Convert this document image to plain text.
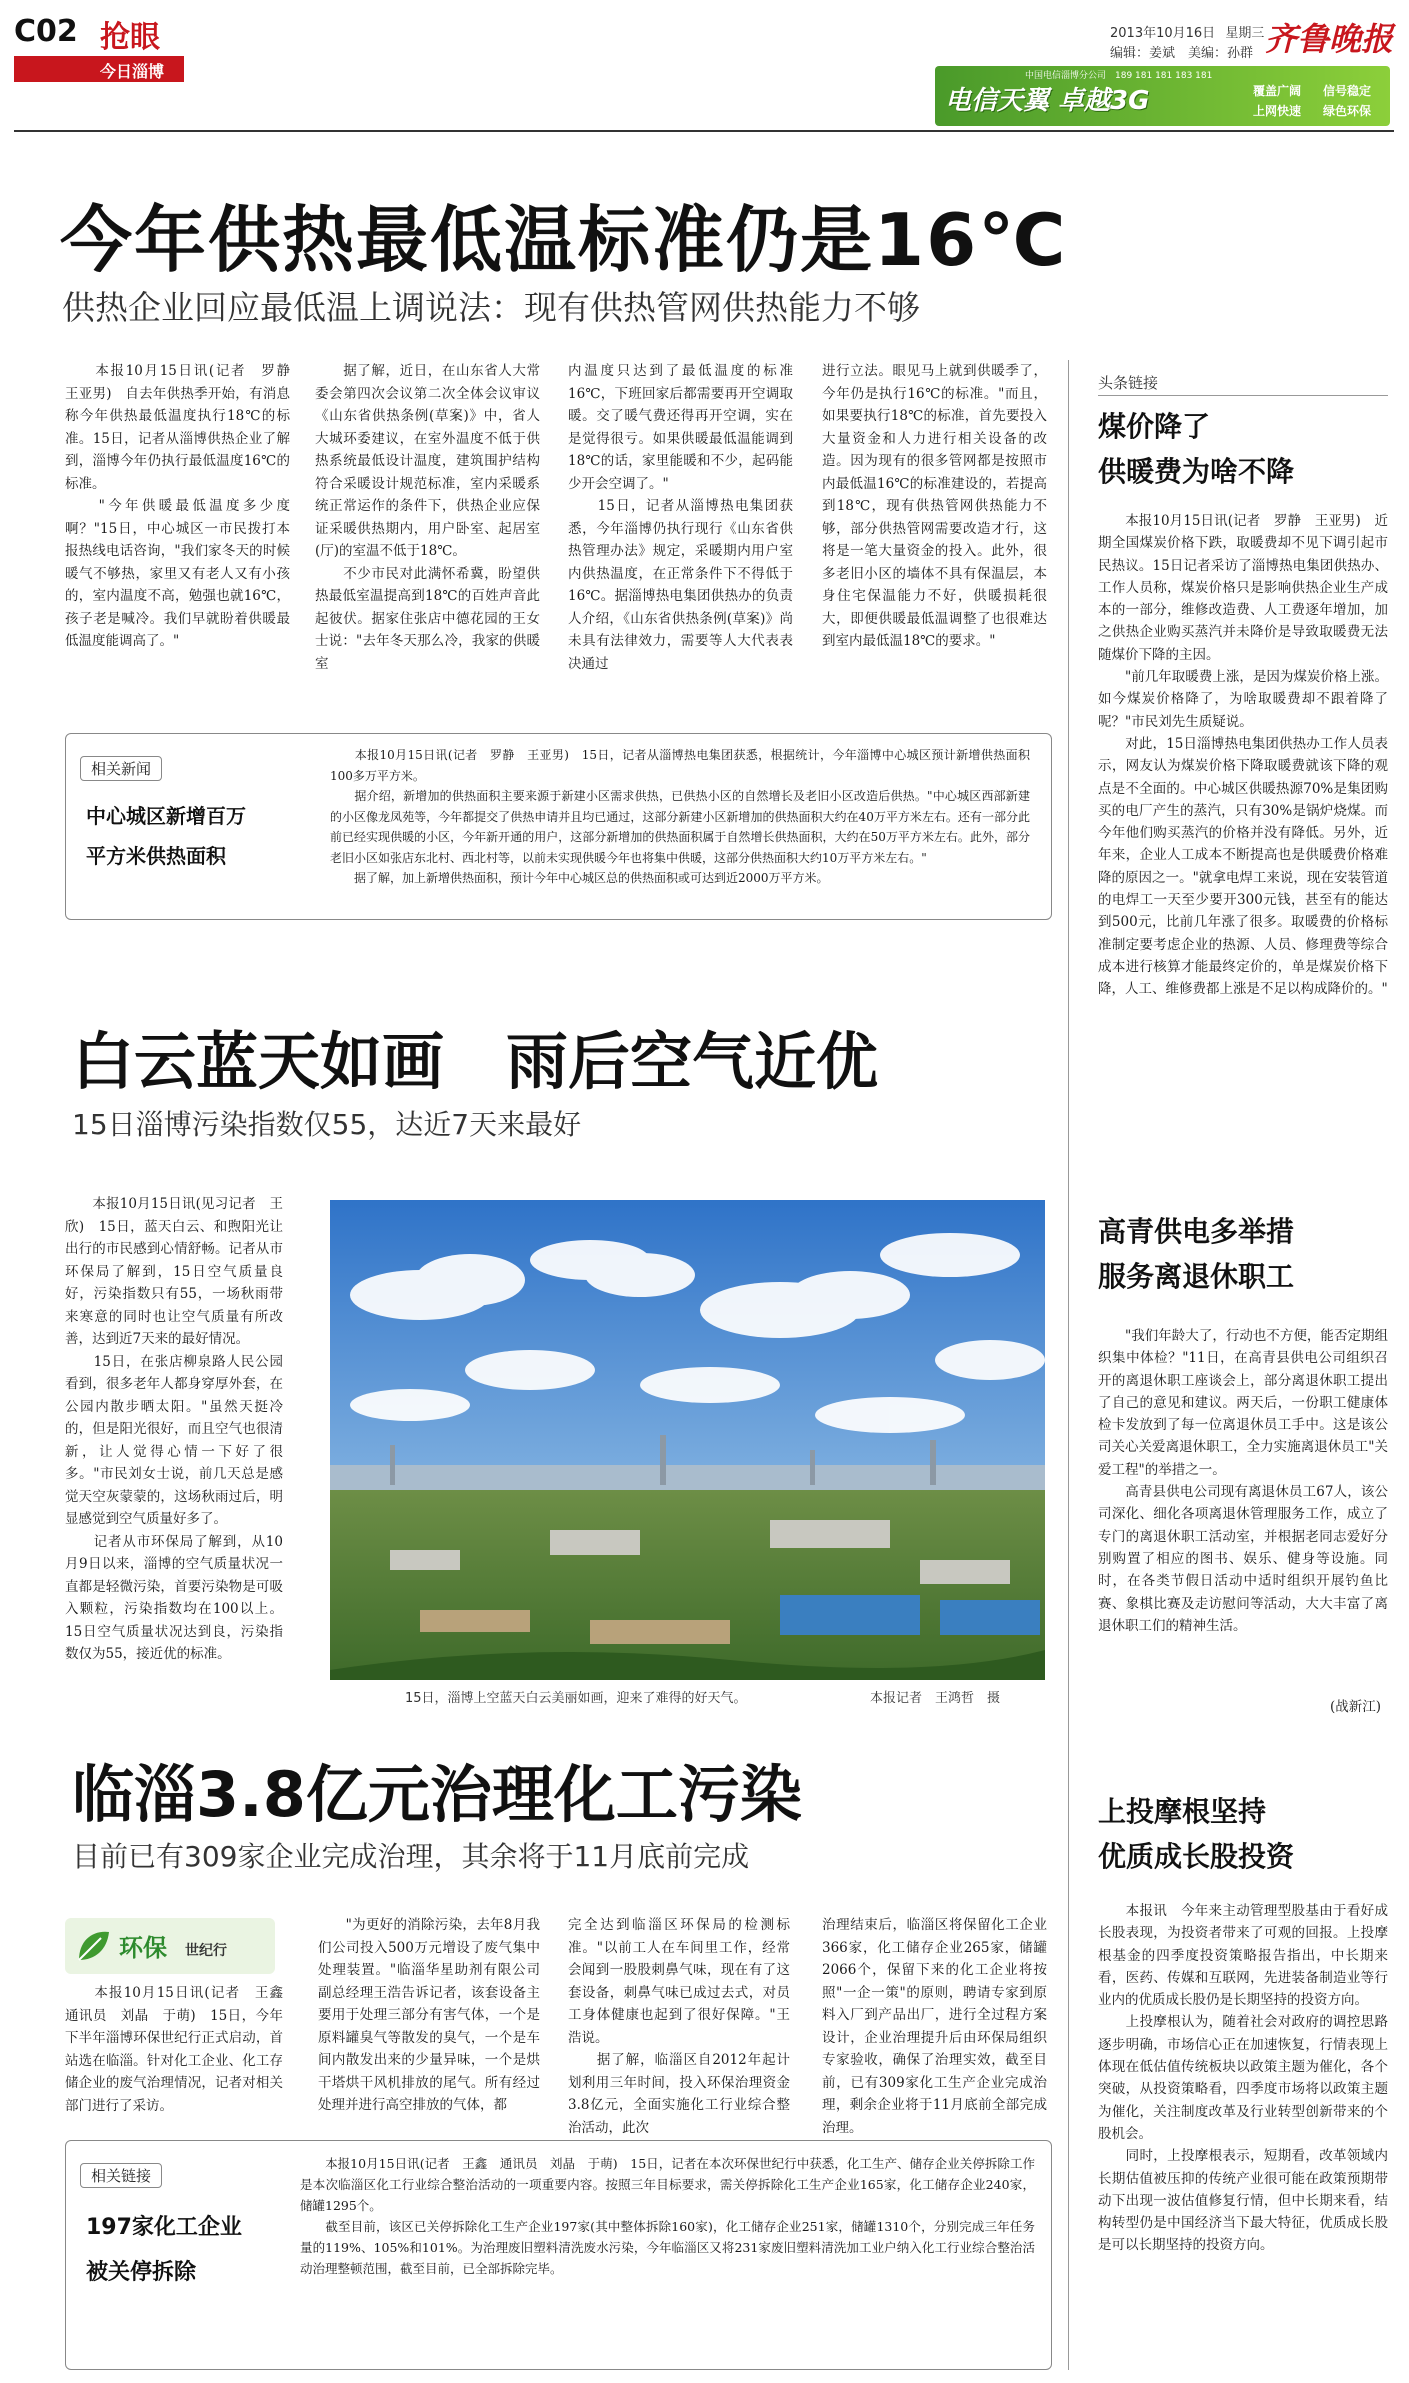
C02 抢眼
今日淄博
2013年10月16日 星期三
编辑：姜斌　美编：孙群 齐鲁晚报
中国电信淄博分公司　189 181 181 183 181
电信天翼 卓越3G	覆盖广阔 信号稳定
上网快速 绿色环保
今年供热最低温标准仍是16℃
供热企业回应最低温上调说法：现有供热管网供热能力不够
　　本报10月15日讯(记者　罗静　王亚男)　自去年供热季开始，有消息称今年供热最低温度执行18℃的标准。15日，记者从淄博供热企业了解到，淄博今年仍执行最低温度16℃的标准。
　　"今年供暖最低温度多少度啊？"15日，中心城区一市民拨打本报热线电话咨询，"我们家冬天的时候暖气不够热，家里又有老人又有小孩的，室内温度不高，勉强也就16℃，孩子老是喊冷。我们早就盼着供暖最低温度能调高了。"
　　据了解，近日，在山东省人大常委会第四次会议第二次全体会议审议《山东省供热条例(草案)》中，省人大城环委建议，在室外温度不低于供热系统最低设计温度，建筑围护结构符合采暖设计规范标准，室内采暖系统正常运作的条件下，供热企业应保证采暖供热期内，用户卧室、起居室(厅)的室温不低于18℃。
　　不少市民对此满怀希冀，盼望供热最低室温提高到18℃的百姓声音此起彼伏。据家住张店中德花园的王女士说："去年冬天那么冷，我家的供暖室
内温度只达到了最低温度的标准16℃，下班回家后都需要再开空调取暖。交了暖气费还得再开空调，实在是觉得很亏。如果供暖最低温能调到18℃的话，家里能暖和不少，起码能少开会空调了。"
　　15日，记者从淄博热电集团获悉，今年淄博仍执行现行《山东省供热管理办法》规定，采暖期内用户室内供热温度，在正常条件下不得低于16℃。据淄博热电集团供热办的负责人介绍，《山东省供热条例(草案)》尚未具有法律效力，需要等人大代表表决通过
进行立法。眼见马上就到供暖季了，今年仍是执行16℃的标准。"而且，如果要执行18℃的标准，首先要投入大量资金和人力进行相关设备的改造。因为现有的很多管网都是按照市内最低温16℃的标准建设的，若提高到18℃，现有供热管网供热能力不够，部分供热管网需要改造才行，这将是一笔大量资金的投入。此外，很多老旧小区的墙体不具有保温层，本身住宅保温能力不好，供暖损耗很大，即便供暖最低温调整了也很难达到室内最低温18℃的要求。"
相关新闻
中心城区新增百万
平方米供热面积
　　本报10月15日讯(记者　罗静　王亚男)　15日，记者从淄博热电集团获悉，根据统计，今年淄博中心城区预计新增供热面积100多万平方米。
　　据介绍，新增加的供热面积主要来源于新建小区需求供热，已供热小区的自然增长及老旧小区改造后供热。"中心城区西部新建的小区像龙凤苑等，今年都提交了供热申请并且均已通过，这部分新建小区新增加的供热面积大约在40万平方米左右。还有一部分此前已经实现供暖的小区，今年新开通的用户，这部分新增加的供热面积属于自然增长供热面积，大约在50万平方米左右。此外，部分老旧小区如张店东北村、西北村等，以前未实现供暖今年也将集中供暖，这部分供热面积大约10万平方米左右。"
　　据了解，加上新增供热面积，预计今年中心城区总的供热面积或可达到近2000万平方米。
白云蓝天如画　雨后空气近优
15日淄博污染指数仅55，达近7天来最好
　　本报10月15日讯(见习记者　王欣)　15日，蓝天白云、和煦阳光让出行的市民感到心情舒畅。记者从市环保局了解到，15日空气质量良好，污染指数只有55，一场秋雨带来寒意的同时也让空气质量有所改善，达到近7天来的最好情况。
　　15日，在张店柳泉路人民公园看到，很多老年人都身穿厚外套，在公园内散步晒太阳。"虽然天挺冷的，但是阳光很好，而且空气也很清新，让人觉得心情一下好了很多。"市民刘女士说，前几天总是感觉天空灰蒙蒙的，这场秋雨过后，明显感觉到空气质量好多了。
　　记者从市环保局了解到，从10月9日以来，淄博的空气质量状况一直都是轻微污染，首要污染物是可吸入颗粒，污染指数均在100以上。15日空气质量状况达到良，污染指数仅为55，接近优的标准。
15日，淄博上空蓝天白云美丽如画，迎来了难得的好天气。	本报记者　王鸿哲　摄
临淄3.8亿元治理化工污染
目前已有309家企业完成治理，其余将于11月底前完成
环保 世纪行
　　本报10月15日讯(记者　王鑫　通讯员　刘晶　于萌)　15日，今年下半年淄博环保世纪行正式启动，首站选在临淄。针对化工企业、化工存储企业的废气治理情况，记者对相关部门进行了采访。
　　"为更好的消除污染，去年8月我们公司投入500万元增设了废气集中处理装置。"临淄华星助剂有限公司副总经理王浩告诉记者，该套设备主要用于处理三部分有害气体，一个是原料罐臭气等散发的臭气，一个是车间内散发出来的少量异味，一个是烘干塔烘干风机排放的尾气。所有经过处理并进行高空排放的气体，都
完全达到临淄区环保局的检测标准。"以前工人在车间里工作，经常会闻到一股股刺鼻气味，现在有了这套设备，刺鼻气味已成过去式，对员工身体健康也起到了很好保障。"王浩说。
　　据了解，临淄区自2012年起计划利用三年时间，投入环保治理资金3.8亿元，全面实施化工行业综合整治活动，此次
治理结束后，临淄区将保留化工企业366家，化工储存企业265家，储罐2066个，保留下来的化工企业将按照"一企一策"的原则，聘请专家到原料入厂到产品出厂，进行全过程方案设计，企业治理提升后由环保局组织专家验收，确保了治理实效，截至目前，已有309家化工生产企业完成治理，剩余企业将于11月底前全部完成治理。
相关链接
197家化工企业
被关停拆除
　　本报10月15日讯(记者　王鑫　通讯员　刘晶　于萌)　15日，记者在本次环保世纪行中获悉，化工生产、储存企业关停拆除工作是本次临淄区化工行业综合整治活动的一项重要内容。按照三年目标要求，需关停拆除化工生产企业165家，化工储存企业240家，储罐1295个。
　　截至目前，该区已关停拆除化工生产企业197家(其中整体拆除160家)，化工储存企业251家，储罐1310个，分别完成三年任务量的119%、105%和101%。为治理废旧塑料清洗废水污染，今年临淄区又将231家废旧塑料清洗加工业户纳入化工行业综合整治活动治理整顿范围，截至目前，已全部拆除完毕。
头条链接
煤价降了
供暖费为啥不降
　　本报10月15日讯(记者　罗静　王亚男)　近期全国煤炭价格下跌，取暖费却不见下调引起市民热议。15日记者采访了淄博热电集团供热办、工作人员称，煤炭价格只是影响供热企业生产成本的一部分，维修改造费、人工费逐年增加，加之供热企业购买蒸汽并未降价是导致取暖费无法随煤价下降的主因。
　　"前几年取暖费上涨，是因为煤炭价格上涨。如今煤炭价格降了，为啥取暖费却不跟着降了呢？"市民刘先生质疑说。
　　对此，15日淄博热电集团供热办工作人员表示，网友认为煤炭价格下降取暖费就该下降的观点是不全面的。中心城区供暖热源70%是集团购买的电厂产生的蒸汽，只有30%是锅炉烧煤。而今年他们购买蒸汽的价格并没有降低。另外，近年来，企业人工成本不断提高也是供暖费价格难降的原因之一。"就拿电焊工来说，现在安装管道的电焊工一天至少要开300元钱，甚至有的能达到500元，比前几年涨了很多。取暖费的价格标准制定要考虑企业的热源、人员、修理费等综合成本进行核算才能最终定价的，单是煤炭价格下降，人工、维修费都上涨是不足以构成降价的。"
高青供电多举措
服务离退休职工
　　"我们年龄大了，行动也不方便，能否定期组织集中体检？"11日，在高青县供电公司组织召开的离退休职工座谈会上，部分离退休职工提出了自己的意见和建议。两天后，一份职工健康体检卡发放到了每一位离退休员工手中。这是该公司关心关爱离退休职工，全力实施离退休员工"关爱工程"的举措之一。
　　高青县供电公司现有离退休员工67人，该公司深化、细化各项离退休管理服务工作，成立了专门的离退休职工活动室，并根据老同志爱好分别购置了相应的图书、娱乐、健身等设施。同时，在各类节假日活动中适时组织开展钓鱼比赛、象棋比赛及走访慰问等活动，大大丰富了离退休职工们的精神生活。
(战新江)
上投摩根坚持
优质成长股投资
　　本报讯　今年来主动管理型股基由于看好成长股表现，为投资者带来了可观的回报。上投摩根基金的四季度投资策略报告指出，中长期来看，医药、传媒和互联网，先进装备制造业等行业内的优质成长股仍是长期坚持的投资方向。
　　上投摩根认为，随着社会对政府的调控思路逐步明确，市场信心正在加速恢复，行情表现上体现在低估值传统板块以政策主题为催化，各个突破，从投资策略看，四季度市场将以政策主题为催化，关注制度改革及行业转型创新带来的个股机会。
　　同时，上投摩根表示，短期看，改革领域内长期估值被压抑的传统产业很可能在政策预期带动下出现一波估值修复行情，但中长期来看，结构转型仍是中国经济当下最大特征，优质成长股是可以长期坚持的投资方向。
